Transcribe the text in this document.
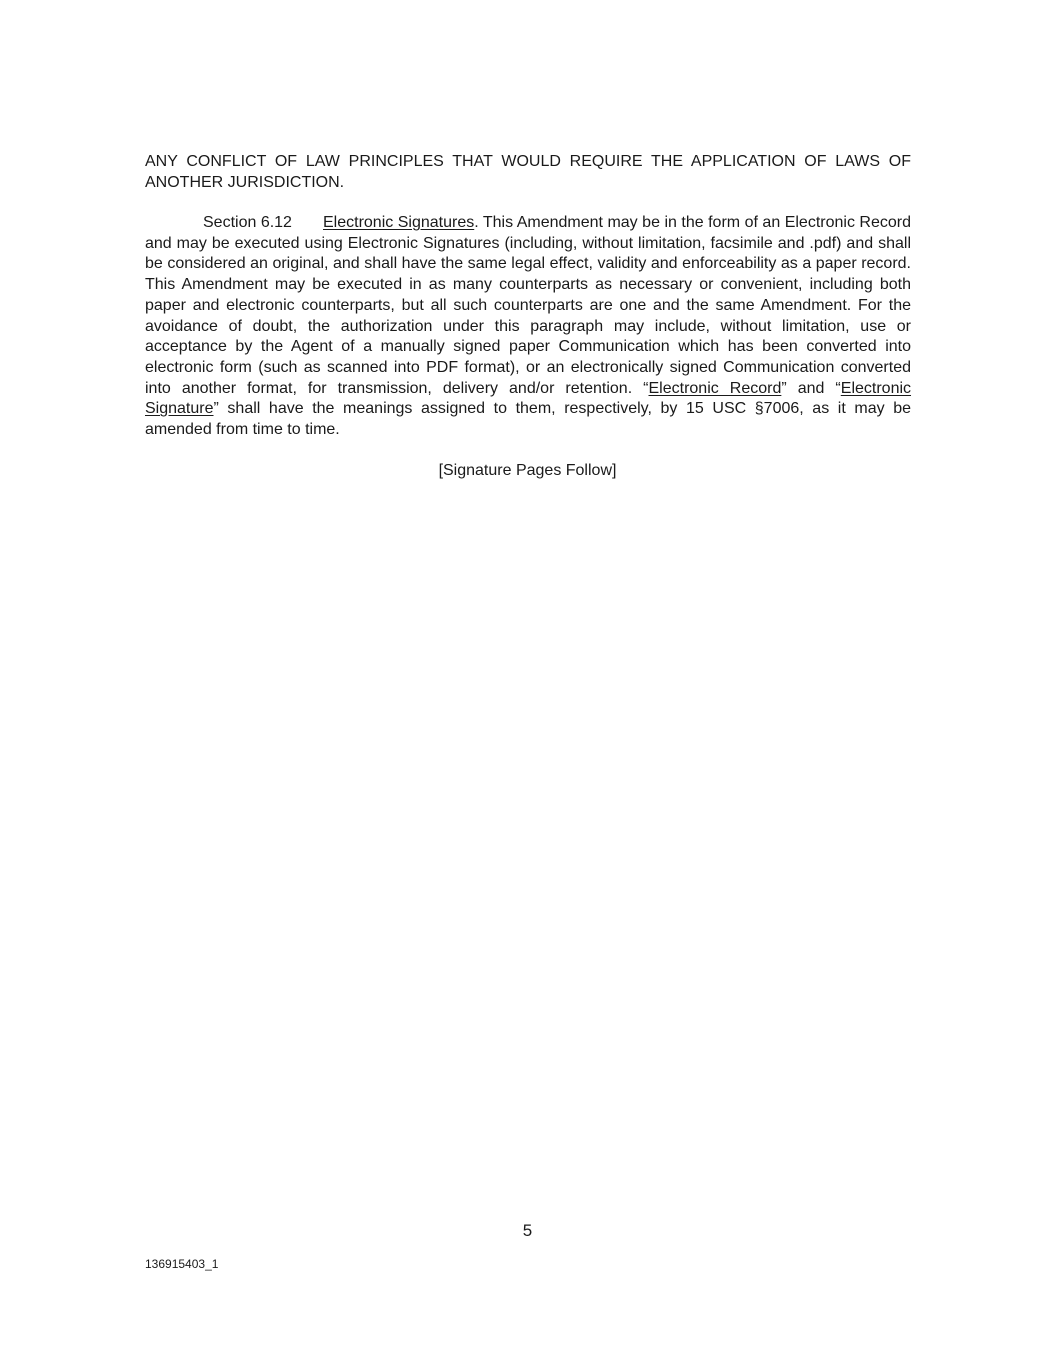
ANY CONFLICT OF LAW PRINCIPLES THAT WOULD REQUIRE THE APPLICATION OF LAWS OF ANOTHER JURISDICTION.

Section 6.12 Electronic Signatures. This Amendment may be in the form of an Electronic Record and may be executed using Electronic Signatures (including, without limitation, facsimile and .pdf) and shall be considered an original, and shall have the same legal effect, validity and enforceability as a paper record. This Amendment may be executed in as many counterparts as necessary or convenient, including both paper and electronic counterparts, but all such counterparts are one and the same Amendment. For the avoidance of doubt, the authorization under this paragraph may include, without limitation, use or acceptance by the Agent of a manually signed paper Communication which has been converted into electronic form (such as scanned into PDF format), or an electronically signed Communication converted into another format, for transmission, delivery and/or retention. “Electronic Record” and “Electronic Signature” shall have the meanings assigned to them, respectively, by 15 USC §7006, as it may be amended from time to time.

[Signature Pages Follow]
5
136915403_1
